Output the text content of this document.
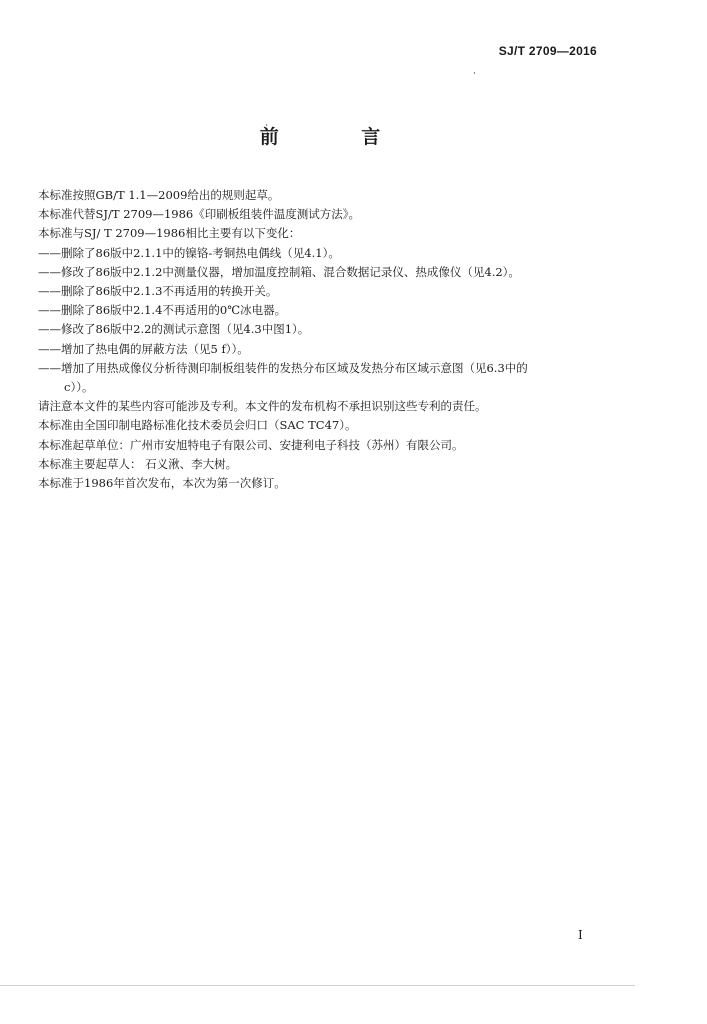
SJ/T 2709—2016
前 言
本标准按照GB/T 1.1—2009给出的规则起草。
本标准代替SJ/T 2709—1986《印刷板组装件温度测试方法》。
本标准与SJ/ T 2709—1986相比主要有以下变化：
——删除了86版中2.1.1中的镍铬-考铜热电偶线（见4.1）。
——修改了86版中2.1.2中测量仪器，增加温度控制箱、混合数据记录仪、热成像仪（见4.2）。
——删除了86版中2.1.3不再适用的转换开关。
——删除了86版中2.1.4不再适用的0℃冰电器。
——修改了86版中2.2的测试示意图（见4.3中图1）。
——增加了热电偶的屏蔽方法（见5 f））。
——增加了用热成像仪分析待测印制板组装件的发热分布区域及发热分布区域示意图（见6.3中的
c））。
请注意本文件的某些内容可能涉及专利。本文件的发布机构不承担识别这些专利的责任。
本标准由全国印制电路标准化技术委员会归口（SAC TC47）。
本标准起草单位：广州市安旭特电子有限公司、安捷利电子科技（苏州）有限公司。
本标准主要起草人： 石义湫、李大树。
本标准于1986年首次发布，本次为第一次修订。
I
